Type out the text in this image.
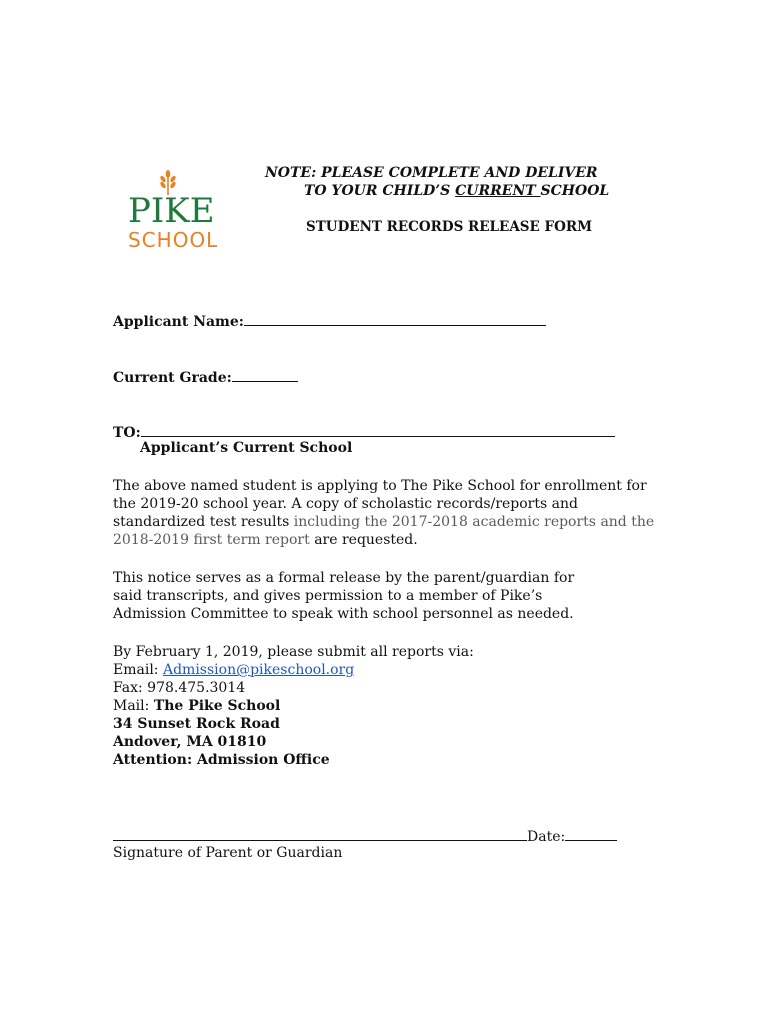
PIKE
SCHOOL
NOTE: PLEASE COMPLETE AND DELIVER
TO YOUR CHILD’S CURRENT SCHOOL
STUDENT RECORDS RELEASE FORM
Applicant Name:
Current Grade:
TO:
Applicant’s Current School
The above named student is applying to The Pike School for enrollment for the 2019-20 school year. A copy of scholastic records/reports and standardized test results including the 2017-2018 academic reports and the 2018-2019 first term report are requested.
This notice serves as a formal release by the parent/guardian for said transcripts, and gives permission to a member of Pike’s Admission Committee to speak with school personnel as needed.
By February 1, 2019, please submit all reports via:
Email: Admission@pikeschool.org
Fax: 978.475.3014
Mail: The Pike School
34 Sunset Rock Road
Andover, MA 01810
Attention: Admission Office
Date:
Signature of Parent or Guardian
